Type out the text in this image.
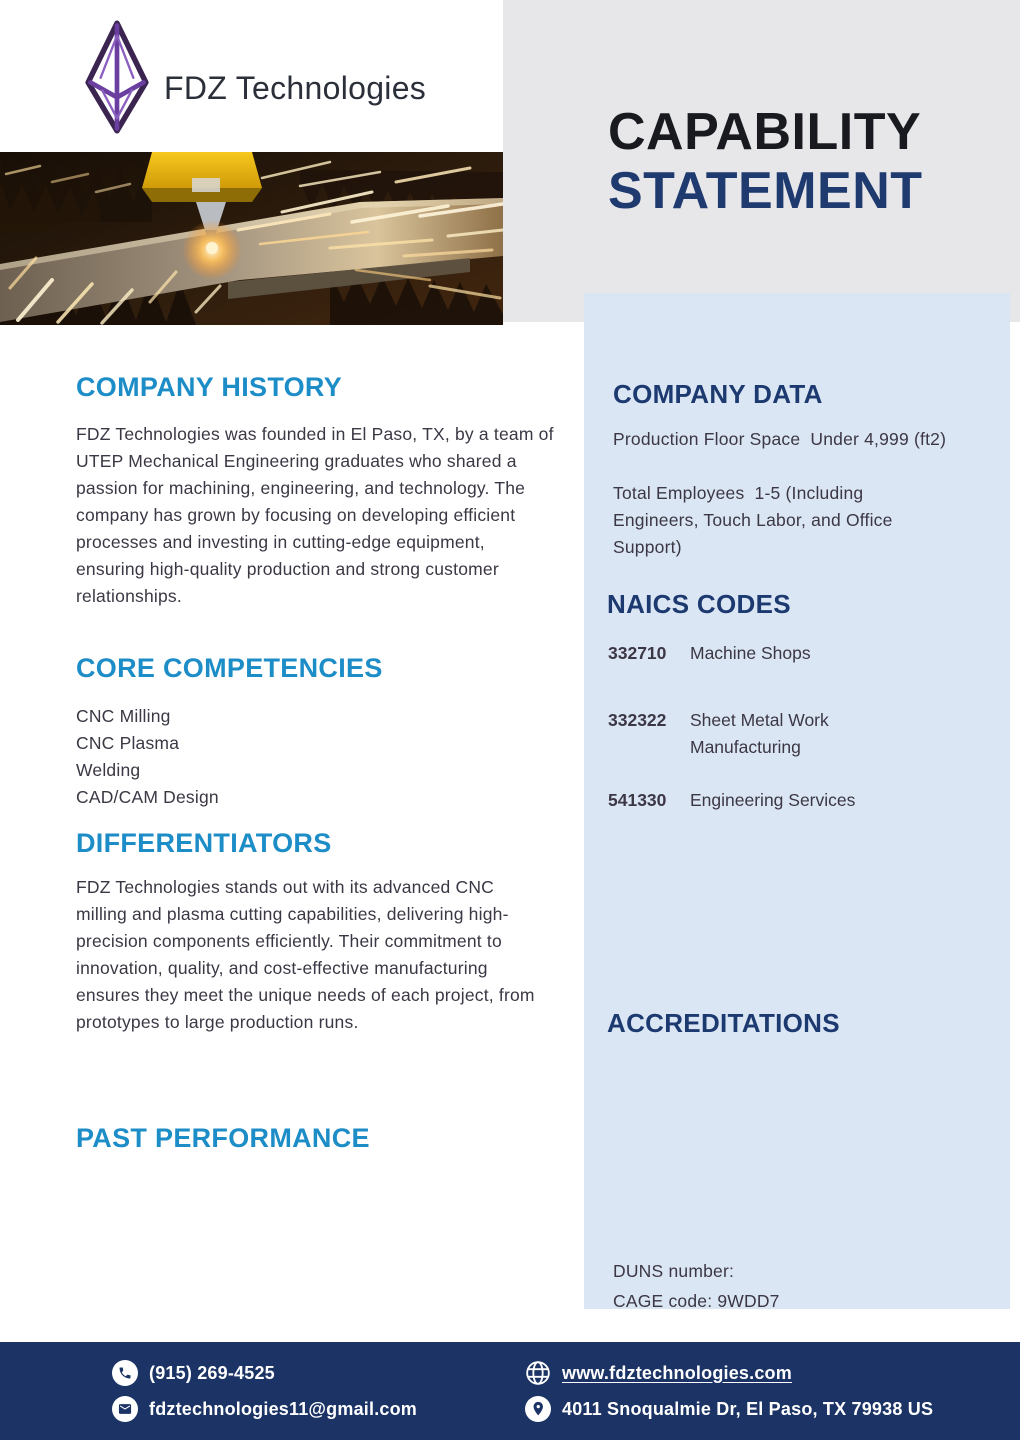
FDZ Technologies
CAPABILITY
STATEMENT
COMPANY HISTORY
FDZ Technologies was founded in El Paso, TX, by a team of UTEP Mechanical Engineering graduates who shared a passion for machining, engineering, and technology. The company has grown by focusing on developing efficient processes and investing in cutting-edge equipment, ensuring high-quality production and strong customer relationships.
CORE COMPETENCIES
CNC Milling
CNC Plasma
Welding
CAD/CAM Design
DIFFERENTIATORS
FDZ Technologies stands out with its advanced CNC milling and plasma cutting capabilities, delivering high-precision components efficiently. Their commitment to innovation, quality, and cost-effective manufacturing ensures they meet the unique needs of each project, from prototypes to large production runs.
PAST PERFORMANCE
COMPANY DATA
Production Floor Space  Under 4,999 (ft2)
Total Employees  1-5 (Including Engineers, Touch Labor, and Office Support)
NAICS CODES
332710 Machine Shops
332322 Sheet Metal Work Manufacturing
541330 Engineering Services
ACCREDITATIONS
DUNS number:
CAGE code: 9WDD7
(915) 269-4525
fdztechnologies11@gmail.com
www.fdztechnologies.com
4011 Snoqualmie Dr, El Paso, TX 79938 US
